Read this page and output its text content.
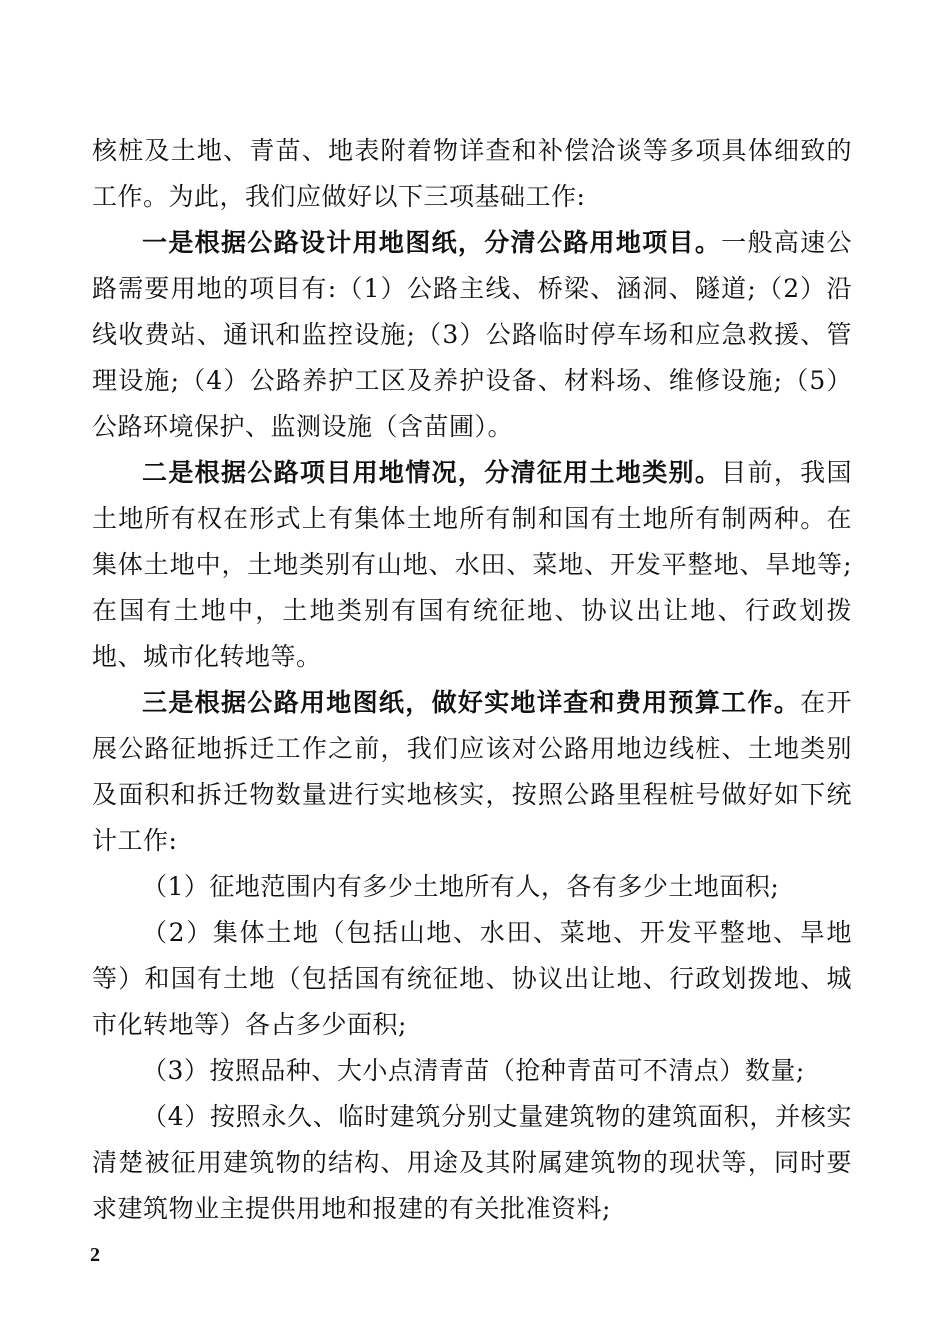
核桩及土地、青苗、地表附着物详查和补偿洽谈等多项具体细致的工作。为此，我们应做好以下三项基础工作:

一是根据公路设计用地图纸，分清公路用地项目。一般高速公路需要用地的项目有:（1）公路主线、桥梁、涵洞、隧道;（2）沿线收费站、通讯和监控设施;（3）公路临时停车场和应急救援、管理设施;（4）公路养护工区及养护设备、材料场、维修设施;（5）公路环境保护、监测设施（含苗圃）。

二是根据公路项目用地情况，分清征用土地类别。目前，我国土地所有权在形式上有集体土地所有制和国有土地所有制两种。在集体土地中，土地类别有山地、水田、菜地、开发平整地、旱地等; 在国有土地中，土地类别有国有统征地、协议出让地、行政划拨地、城市化转地等。

三是根据公路用地图纸，做好实地详查和费用预算工作。在开展公路征地拆迁工作之前，我们应该对公路用地边线桩、土地类别及面积和拆迁物数量进行实地核实，按照公路里程桩号做好如下统计工作:

（1）征地范围内有多少土地所有人，各有多少土地面积;

（2）集体土地（包括山地、水田、菜地、开发平整地、旱地等）和国有土地（包括国有统征地、协议出让地、行政划拨地、城市化转地等）各占多少面积;

（3）按照品种、大小点清青苗（抢种青苗可不清点）数量;

（4）按照永久、临时建筑分别丈量建筑物的建筑面积，并核实清楚被征用建筑物的结构、用途及其附属建筑物的现状等，同时要求建筑物业主提供用地和报建的有关批准资料;

2
